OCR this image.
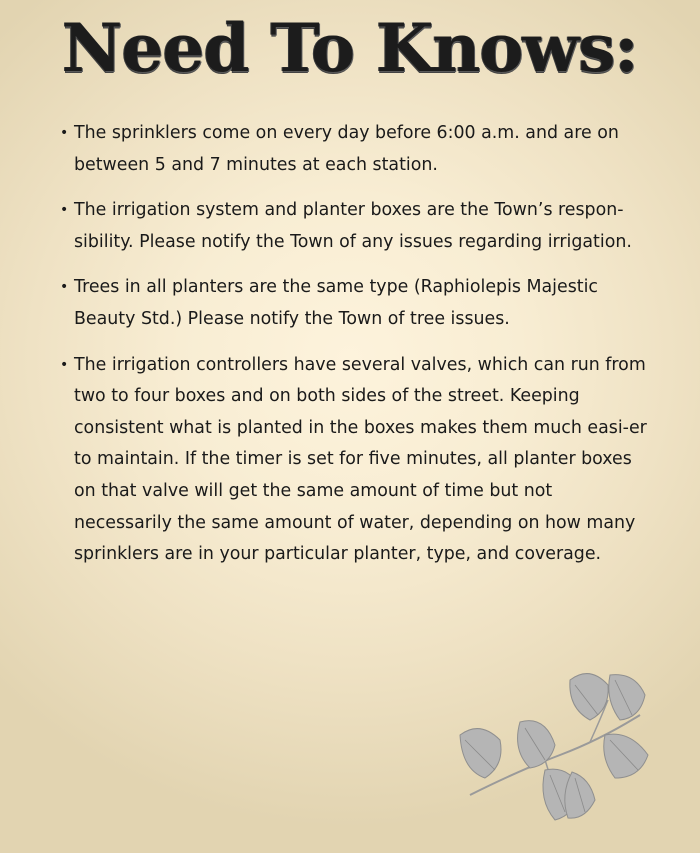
Need To Knows:
• The sprinklers come on every day before 6:00 a.m. and are on between 5 and 7 minutes at each station.
• The irrigation system and planter boxes are the Town’s respon-sibility. Please notify the Town of any issues regarding irrigation.
• Trees in all planters are the same type (Raphiolepis Majestic Beauty Std.) Please notify the Town of tree issues.
• The irrigation controllers have several valves, which can run from two to four boxes and on both sides of the street. Keeping consistent what is planted in the boxes makes them much easi-er to maintain. If the timer is set for five minutes, all planter boxes on that valve will get the same amount of time but not necessarily the same amount of water, depending on how many sprinklers are in your particular planter, type, and coverage.
